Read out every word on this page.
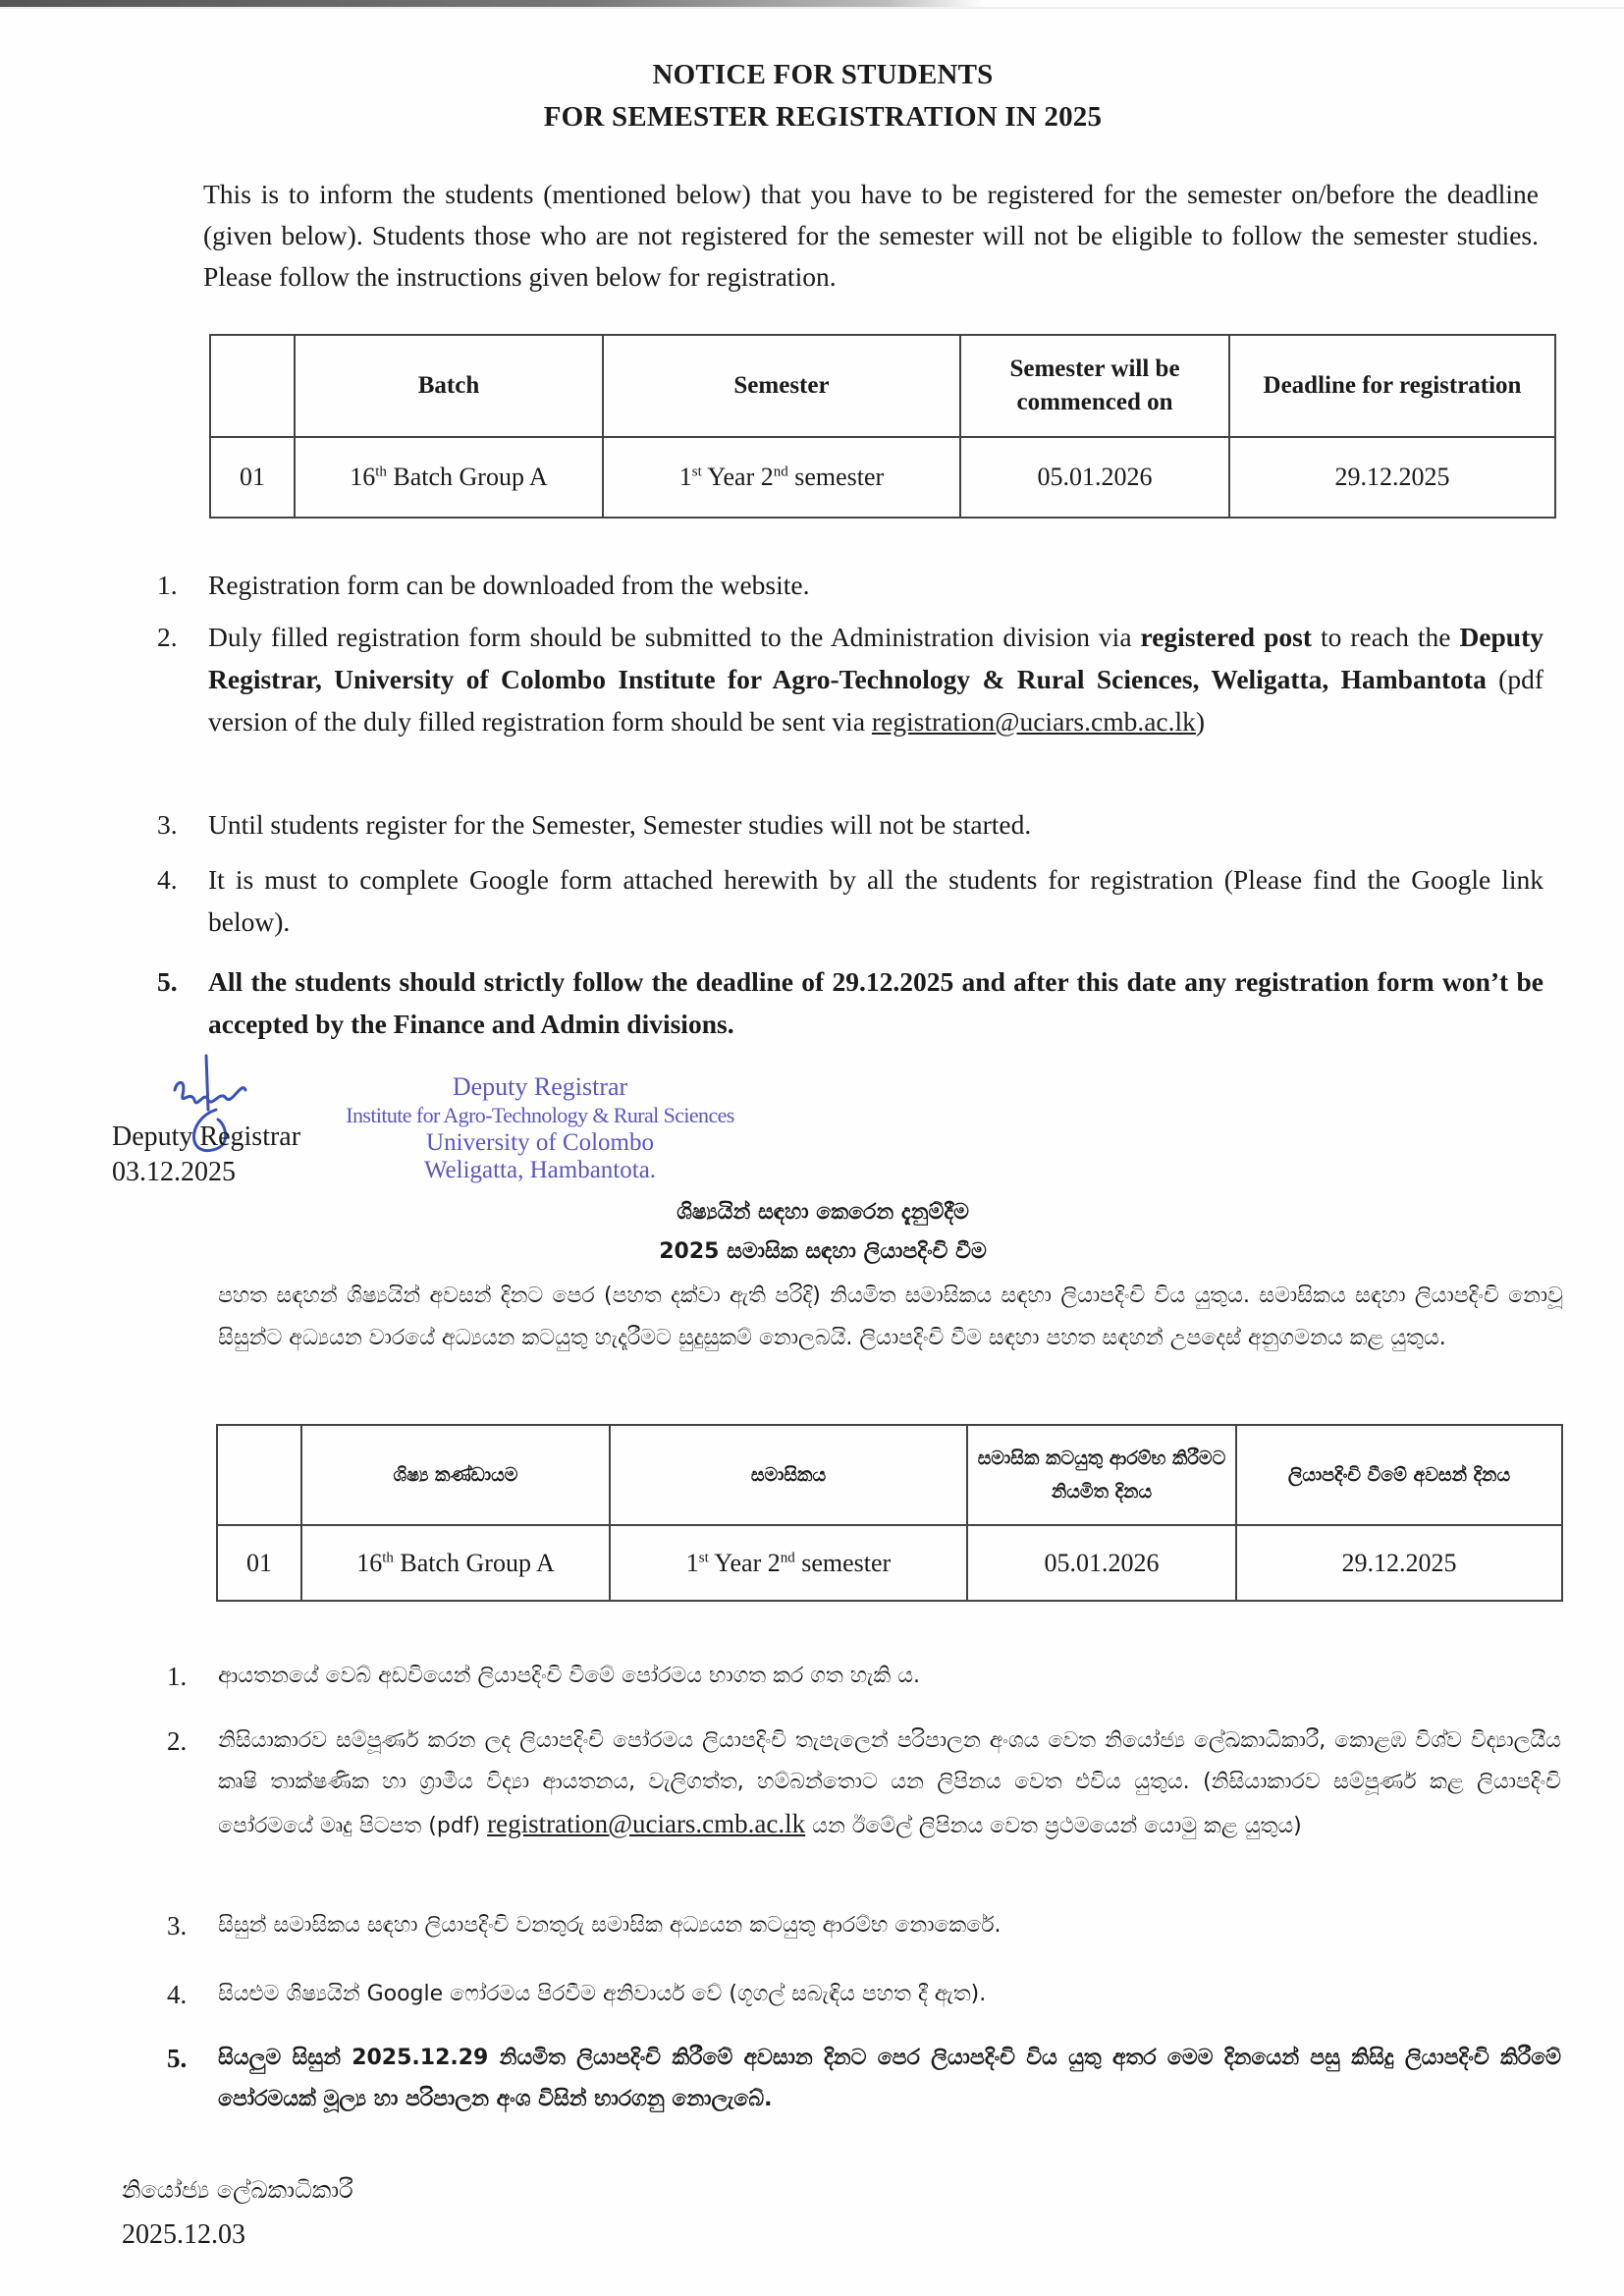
NOTICE FOR STUDENTS
FOR SEMESTER REGISTRATION IN 2025
This is to inform the students (mentioned below) that you have to be registered for the semester on/before the deadline (given below). Students those who are not registered for the semester will not be eligible to follow the semester studies. Please follow the instructions given below for registration.
	Batch	Semester	Semester will be commenced on	Deadline for registration
01	16th Batch Group A	1st Year 2nd semester	05.01.2026	29.12.2025
1.	Registration form can be downloaded from the website.
2.	Duly filled registration form should be submitted to the Administration division via registered post to reach the Deputy Registrar, University of Colombo Institute for Agro-Technology & Rural Sciences, Weligatta, Hambantota (pdf version of the duly filled registration form should be sent via registration@uciars.cmb.ac.lk)
3.	Until students register for the Semester, Semester studies will not be started.
4.	It is must to complete Google form attached herewith by all the students for registration (Please find the Google link below).
5.	All the students should strictly follow the deadline of 29.12.2025 and after this date any registration form won’t be accepted by the Finance and Admin divisions.
Deputy Registrar
03.12.2025
Deputy Registrar
Institute for Agro-Technology & Rural Sciences
University of Colombo
Weligatta, Hambantota.
ශිෂ්‍යයින් සඳහා කෙරෙන දැනුම්දීම
2025 සමාසික සඳහා ලියාපදිංචි වීම
පහත සඳහන් ශිෂ්‍යයින් අවසන් දිනට පෙර (පහත දක්වා ඇති පරිදි) නියමිත සමාසිකය සඳහා ලියාපදිංචි විය යුතුය. සමාසිකය සඳහා ලියාපදිංචි නොවූ සිසුන්ට අධ්‍යයන වාරයේ අධ්‍යයන කටයුතු හැදෑරීමට සුදුසුකම් නොලබයි. ලියාපදිංචි වීම සඳහා පහත සඳහන් උපදෙස් අනුගමනය කළ යුතුය.
	ශිෂ්‍ය කණ්ඩායම	සමාසිකය	සමාසික කටයුතු ආරම්භ කිරීමට නියමිත දිනය	ලියාපදිංචි වීමේ අවසන් දිනය
01	16th Batch Group A	1st Year 2nd semester	05.01.2026	29.12.2025
1. ආයතනයේ වෙබ් අඩවියෙන් ලියාපදිංචි වීමේ පෝරමය භාගත කර ගත හැකි ය.
2. නිසියාකාරව සම්පූර්ණ කරන ලද ලියාපදිංචි පෝරමය ලියාපදිංචි තැපැලෙන් පරිපාලන අංශය වෙත නියෝජ්‍ය ලේඛකාධිකාරී, කොළඹ විශ්ව විද්‍යාලයීය කෘෂි තාක්ෂණික හා ග්‍රාමීය විද්‍යා ආයතනය, වැලිගත්ත, හම්බන්තොට යන ලිපිනය වෙත එවිය යුතුය. (නිසියාකාරව සම්පූර්ණ කළ ලියාපදිංචි පෝරමයේ මෘදු පිටපත (pdf) registration@uciars.cmb.ac.lk යන ඊමේල් ලිපිනය වෙත ප්‍රථමයෙන් යොමු කළ යුතුය)
3. සිසුන් සමාසිකය සඳහා ලියාපදිංචි වනතුරු සමාසික අධ්‍යයන කටයුතු ආරම්භ නොකෙරේ.
4. සියළුම ශිෂ්‍යයින් Google ෆෝරමය පිරවීම අනිවාර්ය වේ (ගූගල් සබැඳිය පහත දී ඇත).
5. සියලුම සිසුන් 2025.12.29 නියමිත ලියාපදිංචි කිරීමේ අවසාන දිනට පෙර ලියාපදිංචි විය යුතු අතර මෙම දිනයෙන් පසු කිසිදු ලියාපදිංචි කිරීමේ පෝරමයක් මූල්‍ය හා පරිපාලන අංශ විසින් භාරගනු නොලැබේ.
නියෝජ්‍ය ලේඛකාධිකාරී
2025.12.03
